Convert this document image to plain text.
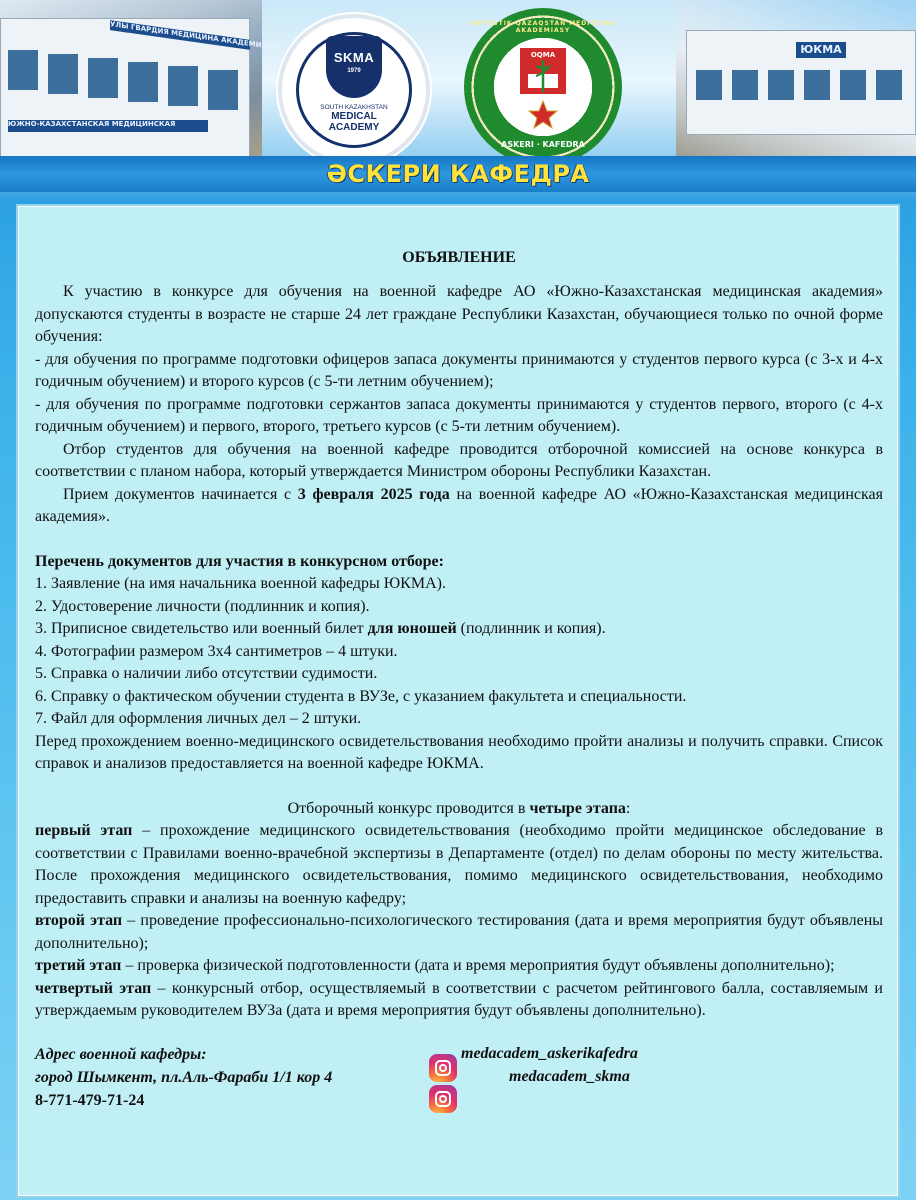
УЛЫ ГВАРДИЯ МЕДИЦИНА АКАДЕМИЯСЫ
ЮЖНО-КАЗАХСТАНСКАЯ МЕДИЦИНСКАЯ
SKMA
1979
SOUTH KAZAKHSTAN
MEDICAL
ACADEMY
ONTÜSTIK QAZAQSTAN MEDITSINA AKADEMIASY
OQMA
ASKERI · KAFEDRA
ЮКМА
ӘСКЕРИ КАФЕДРА
ОБЪЯВЛЕНИЕ

К участию в конкурсе для обучения на военной кафедре АО «Южно-Казахстанская медицинская академия» допускаются студенты в возрасте не старше 24 лет граждане Республики Казахстан, обучающиеся только по очной форме обучения:

- для обучения по программе подготовки офицеров запаса документы принимаются у студентов первого курса (с 3-х и 4-х годичным обучением) и второго курсов (с 5-ти летним обучением);

- для обучения по программе подготовки сержантов запаса документы принимаются у студентов первого, второго (с 4-х годичным обучением) и первого, второго, третьего курсов (с 5-ти летним обучением).

Отбор студентов для обучения на военной кафедре проводится отборочной комиссией на основе конкурса в соответствии с планом набора, который утверждается Министром обороны Республики Казахстан.

Прием документов начинается с 3 февраля 2025 года на военной кафедре АО «Южно-Казахстанская медицинская академия».

Перечень документов для участия в конкурсном отборе:

1. Заявление (на имя начальника военной кафедры ЮКМА).

2. Удостоверение личности (подлинник и копия).

3. Приписное свидетельство или военный билет для юношей (подлинник и копия).

4. Фотографии размером 3х4 сантиметров – 4 штуки.

5. Справка о наличии либо отсутствии судимости.

6. Справку о фактическом обучении студента в ВУЗе, с указанием факультета и специальности.

7. Файл для оформления личных дел – 2 штуки.

Перед прохождением военно-медицинского освидетельствования необходимо пройти анализы и получить справки. Список справок и анализов предоставляется на военной кафедре ЮКМА.

Отборочный конкурс проводится в четыре этапа:

первый этап – прохождение медицинского освидетельствования (необходимо пройти медицинское обследование в соответствии с Правилами военно-врачебной экспертизы в Департаменте (отдел) по делам обороны по месту жительства. После прохождения медицинского освидетельствования, помимо медицинского освидетельствования, необходимо предоставить справки и анализы на военную кафедру;

второй этап – проведение профессионально-психологического тестирования (дата и время мероприятия будут объявлены дополнительно);

третий этап – проверка физической подготовленности (дата и время мероприятия будут объявлены дополнительно);

четвертый этап – конкурсный отбор, осуществляемый в соответствии с расчетом рейтингового балла, составляемым и утверждаемым руководителем ВУЗа (дата и время мероприятия будут объявлены дополнительно).

Адрес военной кафедры:
город Шымкент, пл.Аль-Фараби 1/1 кор 4
8-771-479-71-24
medacadem_askerikafedra
medacadem_skma
